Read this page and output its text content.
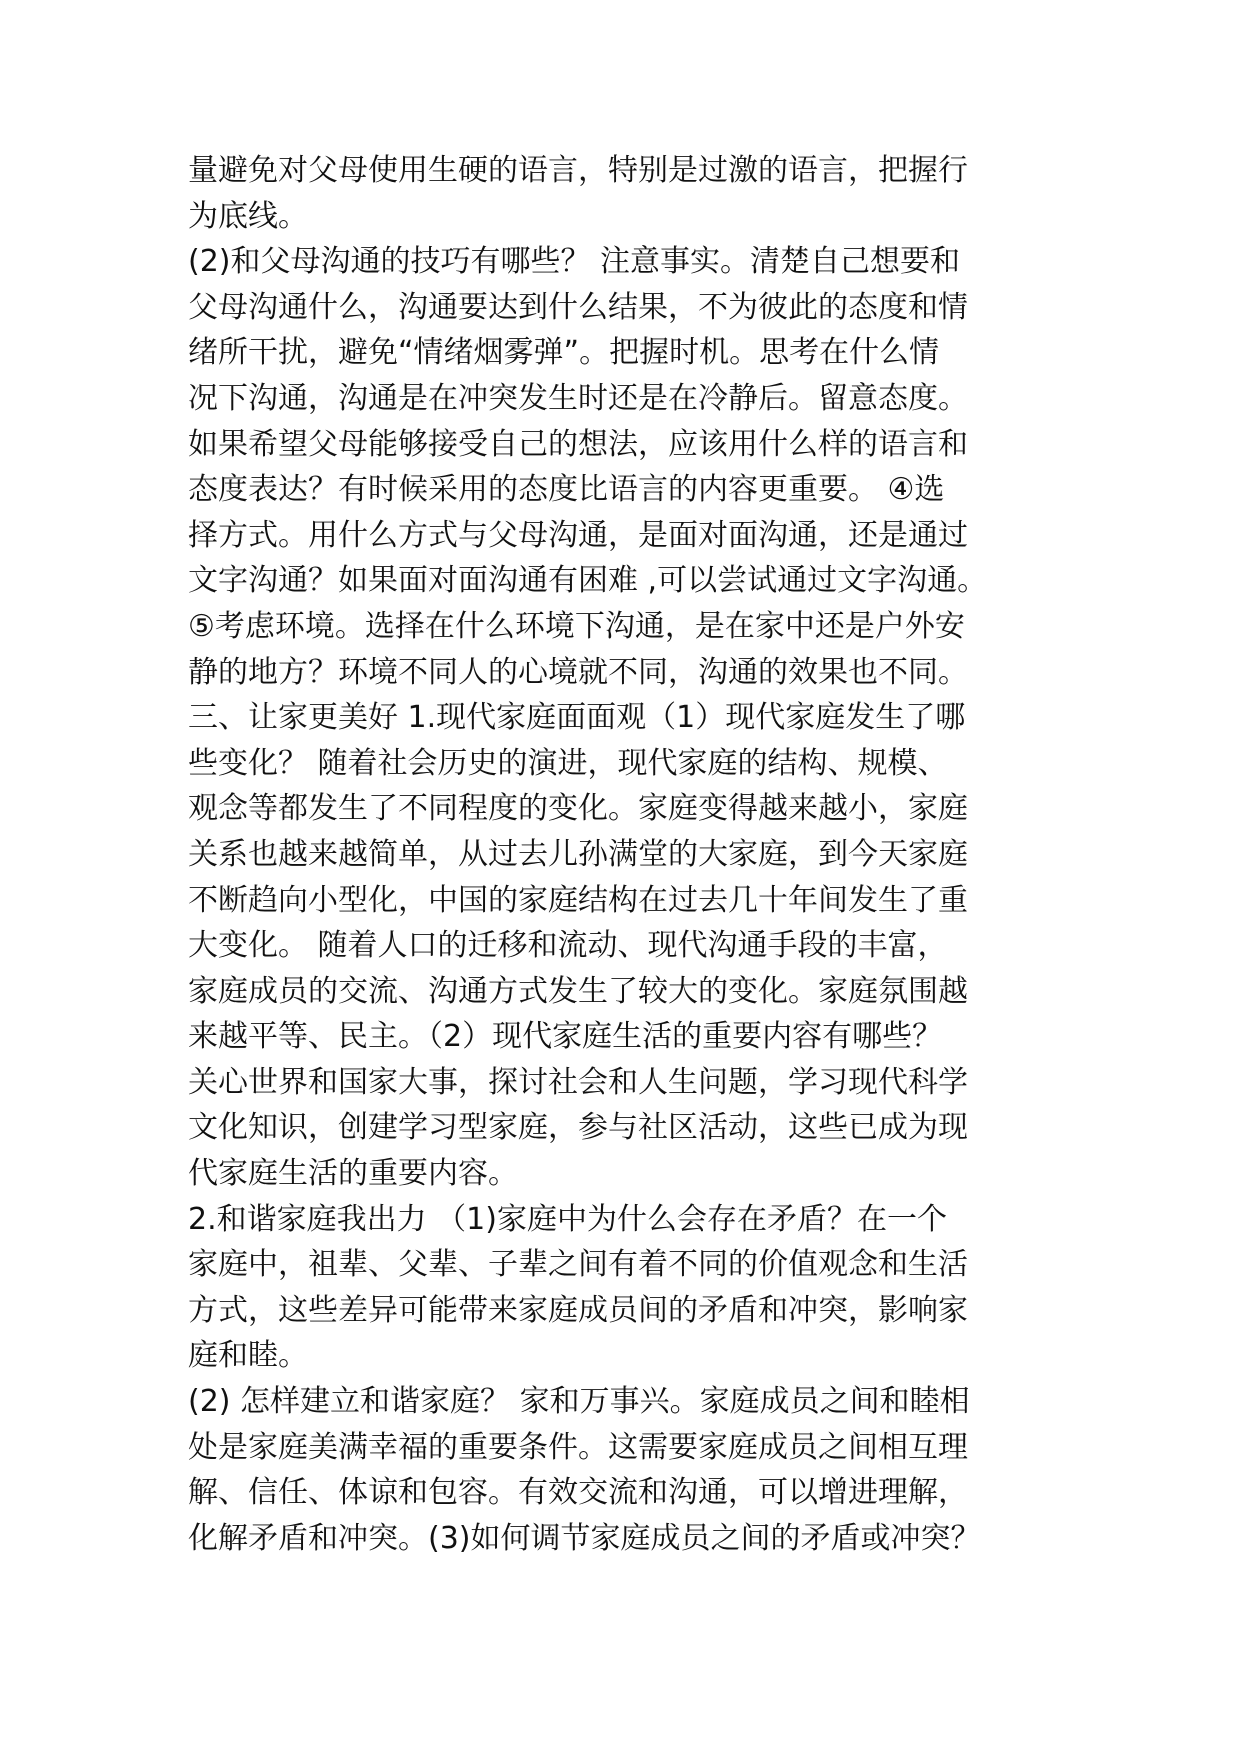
量避免对父母使用生硬的语言，特别是过激的语言，把握行
为底线。
(2)和父母沟通的技巧有哪些？ 注意事实。清楚自己想要和
父母沟通什么，沟通要达到什么结果，不为彼此的态度和情
绪所干扰，避免“情绪烟雾弹”。把握时机。思考在什么情
况下沟通，沟通是在冲突发生时还是在冷静后。留意态度。
如果希望父母能够接受自己的想法，应该用什么样的语言和
态度表达？有时候采用的态度比语言的内容更重要。 ④选
择方式。用什么方式与父母沟通，是面对面沟通，还是通过
文字沟通？如果面对面沟通有困难 ,可以尝试通过文字沟通。
⑤考虑环境。选择在什么环境下沟通，是在家中还是户外安
静的地方？环境不同人的心境就不同，沟通的效果也不同。
三、让家更美好 1.现代家庭面面观（1）现代家庭发生了哪
些变化？ 随着社会历史的演进，现代家庭的结构、规模、
观念等都发生了不同程度的变化。家庭变得越来越小，家庭
关系也越来越简单，从过去儿孙满堂的大家庭，到今天家庭
不断趋向小型化，中国的家庭结构在过去几十年间发生了重
大变化。 随着人口的迁移和流动、现代沟通手段的丰富，
家庭成员的交流、沟通方式发生了较大的变化。家庭氛围越
来越平等、民主。（2）现代家庭生活的重要内容有哪些？
关心世界和国家大事，探讨社会和人生问题，学习现代科学
文化知识，创建学习型家庭，参与社区活动，这些已成为现
代家庭生活的重要内容。
2.和谐家庭我出力 （1)家庭中为什么会存在矛盾？在一个
家庭中，祖辈、父辈、子辈之间有着不同的价值观念和生活
方式，这些差异可能带来家庭成员间的矛盾和冲突，影响家
庭和睦。
(2) 怎样建立和谐家庭？ 家和万事兴。家庭成员之间和睦相
处是家庭美满幸福的重要条件。这需要家庭成员之间相互理
解、信任、体谅和包容。有效交流和沟通，可以增进理解，
化解矛盾和冲突。(3)如何调节家庭成员之间的矛盾或冲突？
